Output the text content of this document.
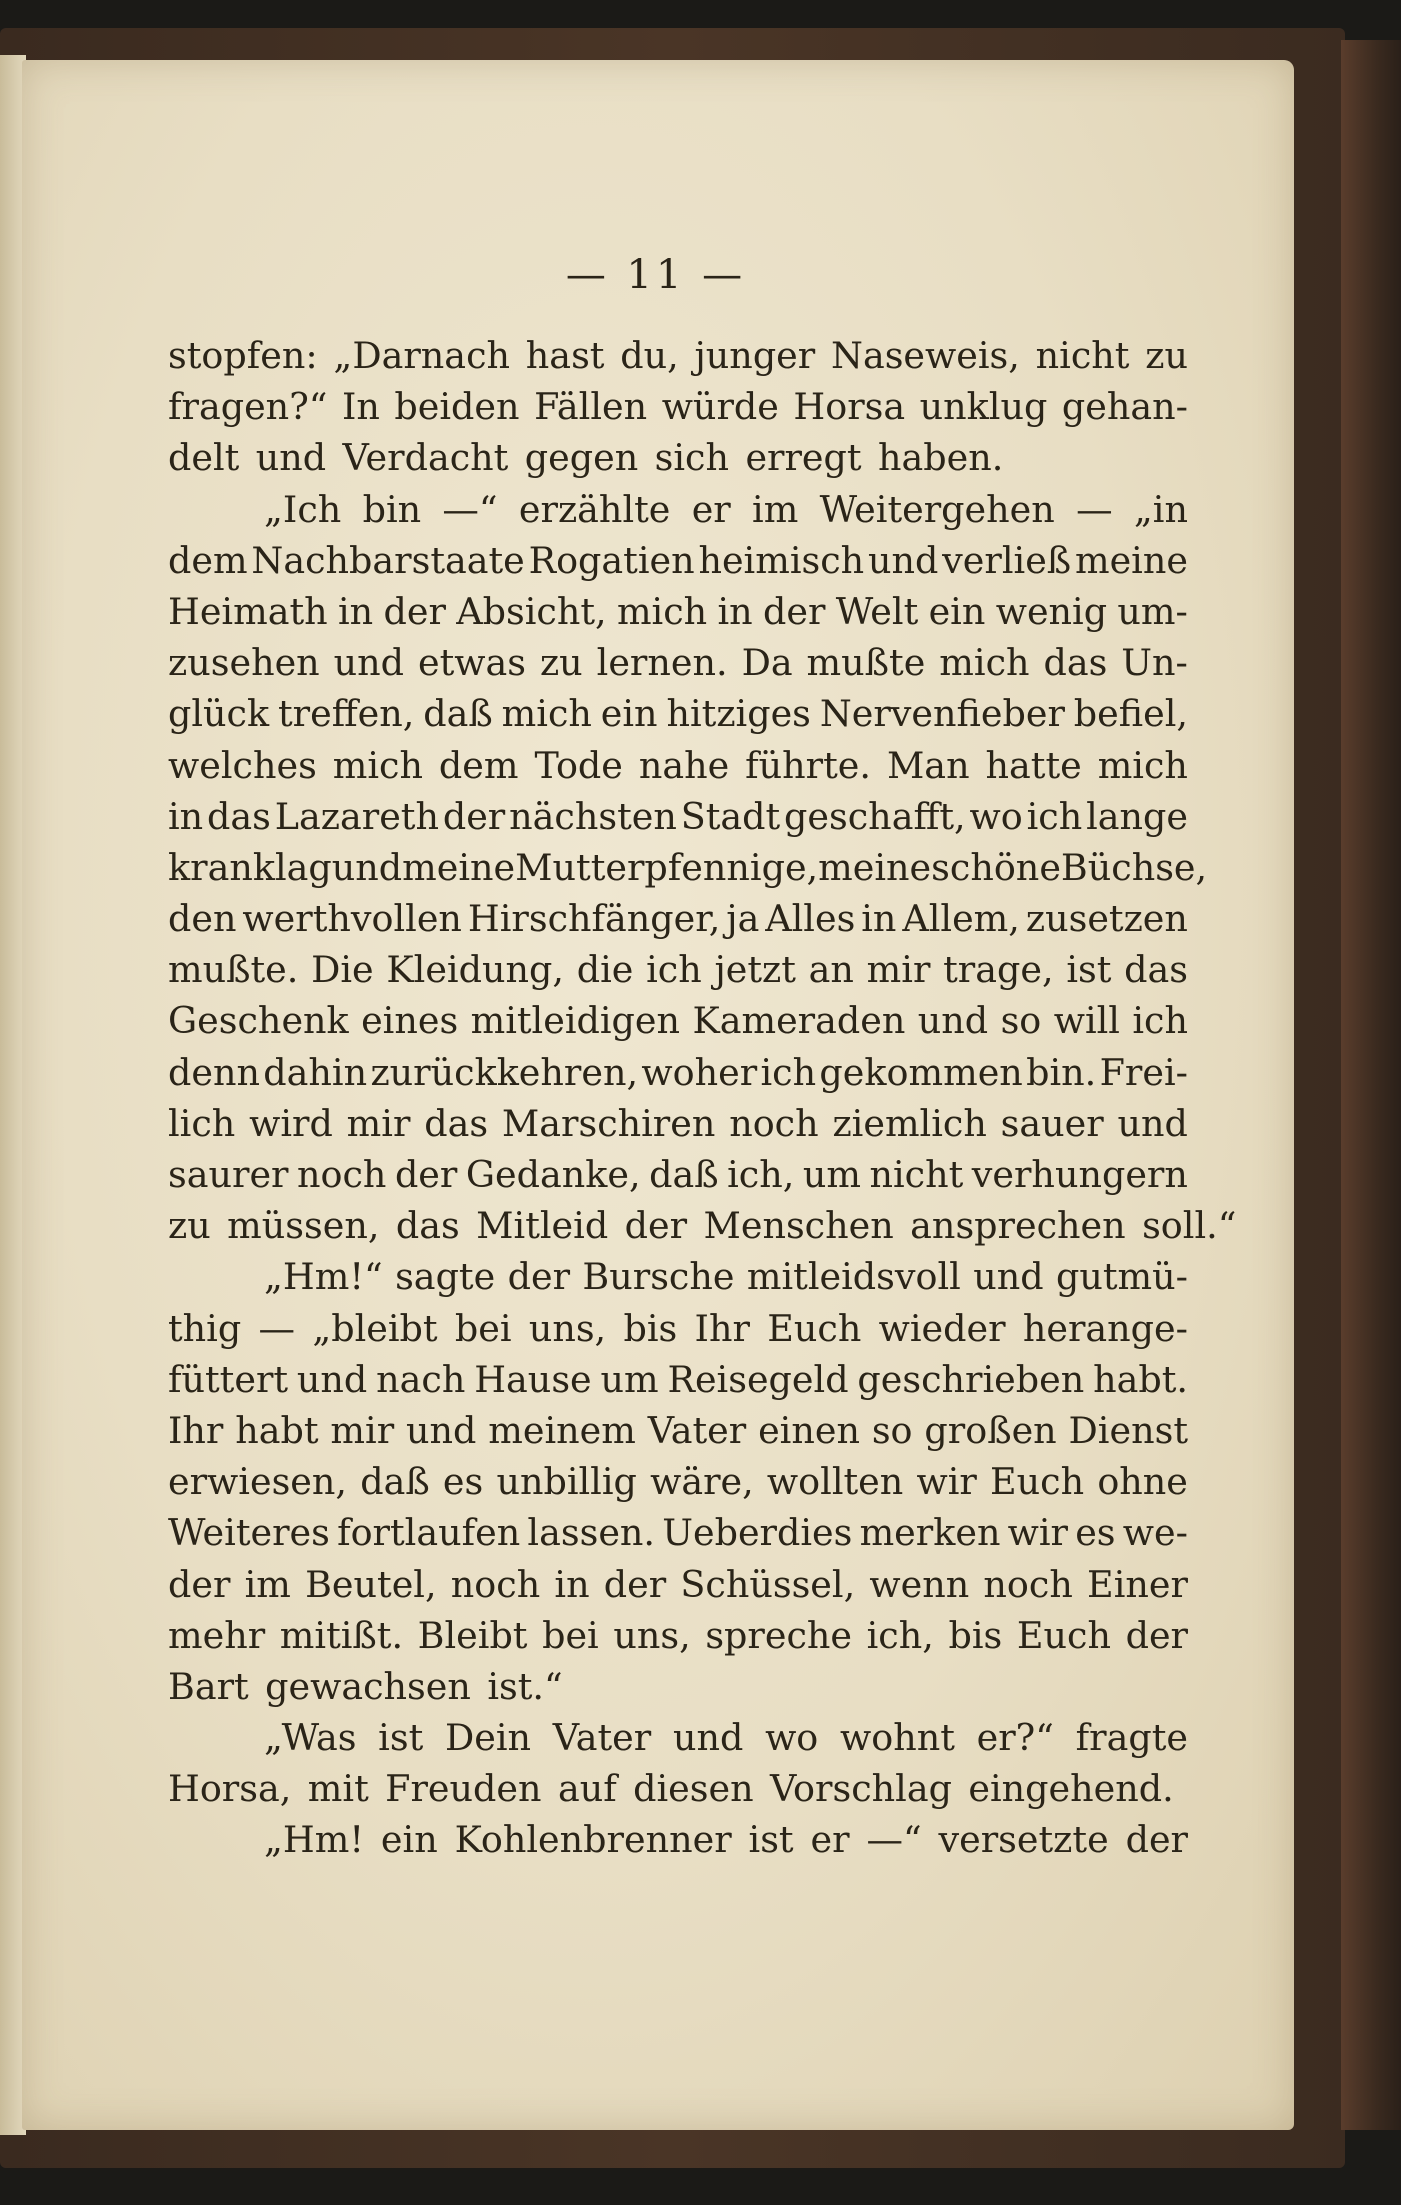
— 11 —
stopfen: „Darnach hast du, junger Naseweis, nicht zu
fragen?“ In beiden Fällen würde Horsa unklug gehan-
delt und Verdacht gegen sich erregt haben.
„Ich bin —“ erzählte er im Weitergehen — „in
dem Nachbarstaate Rogatien heimisch und verließ meine
Heimath in der Absicht, mich in der Welt ein wenig um-
zusehen und etwas zu lernen. Da mußte mich das Un-
glück treffen, daß mich ein hitziges Nervenfieber befiel,
welches mich dem Tode nahe führte. Man hatte mich
in das Lazareth der nächsten Stadt geschafft, wo ich lange
krank lag und meine Mutterpfennige, meine schöne Büchse,
den werthvollen Hirschfänger, ja Alles in Allem, zusetzen
mußte. Die Kleidung, die ich jetzt an mir trage, ist das
Geschenk eines mitleidigen Kameraden und so will ich
denn dahin zurückkehren, woher ich gekommen bin. Frei-
lich wird mir das Marschiren noch ziemlich sauer und
saurer noch der Gedanke, daß ich, um nicht verhungern
zu müssen, das Mitleid der Menschen ansprechen soll.“
„Hm!“ sagte der Bursche mitleidsvoll und gutmü-
thig — „bleibt bei uns, bis Ihr Euch wieder herange-
füttert und nach Hause um Reisegeld geschrieben habt.
Ihr habt mir und meinem Vater einen so großen Dienst
erwiesen, daß es unbillig wäre, wollten wir Euch ohne
Weiteres fortlaufen lassen. Ueberdies merken wir es we-
der im Beutel, noch in der Schüssel, wenn noch Einer
mehr mitißt. Bleibt bei uns, spreche ich, bis Euch der
Bart gewachsen ist.“
„Was ist Dein Vater und wo wohnt er?“ fragte
Horsa, mit Freuden auf diesen Vorschlag eingehend.
„Hm! ein Kohlenbrenner ist er —“ versetzte der
